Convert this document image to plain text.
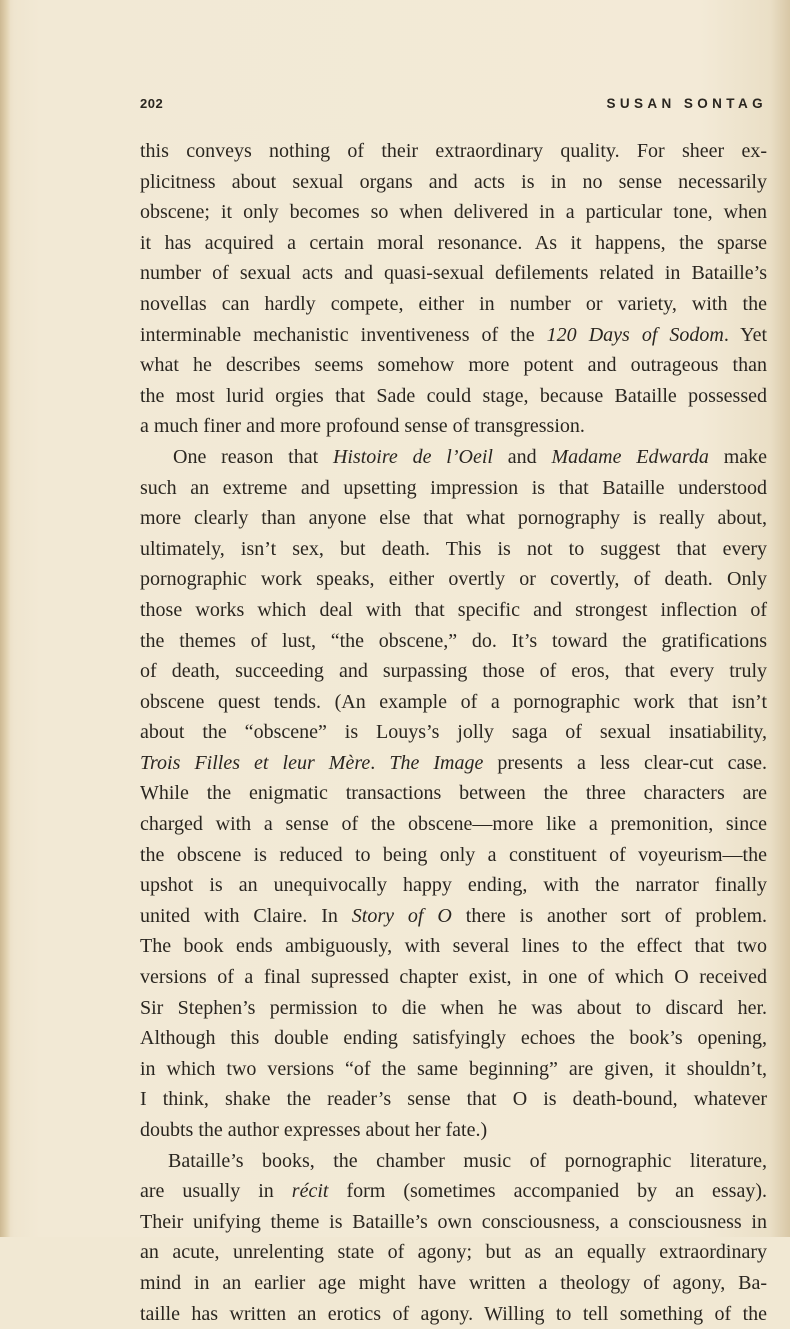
202	SUSAN SONTAG
this conveys nothing of their extraordinary quality. For sheer ex-
plicitness about sexual organs and acts is in no sense necessarily
obscene; it only becomes so when delivered in a particular tone, when
it has acquired a certain moral resonance. As it happens, the sparse
number of sexual acts and quasi-sexual defilements related in Bataille’s
novellas can hardly compete, either in number or variety, with the
interminable mechanistic inventiveness of the 120 Days of Sodom. Yet
what he describes seems somehow more potent and outrageous than
the most lurid orgies that Sade could stage, because Bataille possessed
a much finer and more profound sense of transgression.
One reason that Histoire de l’Oeil and Madame Edwarda make
such an extreme and upsetting impression is that Bataille understood
more clearly than anyone else that what pornography is really about,
ultimately, isn’t sex, but death. This is not to suggest that every
pornographic work speaks, either overtly or covertly, of death. Only
those works which deal with that specific and strongest inflection of
the themes of lust, “the obscene,” do. It’s toward the gratifications
of death, succeeding and surpassing those of eros, that every truly
obscene quest tends. (An example of a pornographic work that isn’t
about the “obscene” is Louys’s jolly saga of sexual insatiability,
Trois Filles et leur Mère. The Image presents a less clear-cut case.
While the enigmatic transactions between the three characters are
charged with a sense of the obscene—more like a premonition, since
the obscene is reduced to being only a constituent of voyeurism—the
upshot is an unequivocally happy ending, with the narrator finally
united with Claire. In Story of O there is another sort of problem.
The book ends ambiguously, with several lines to the effect that two
versions of a final supressed chapter exist, in one of which O received
Sir Stephen’s permission to die when he was about to discard her.
Although this double ending satisfyingly echoes the book’s opening,
in which two versions “of the same beginning” are given, it shouldn’t,
I think, shake the reader’s sense that O is death-bound, whatever
doubts the author expresses about her fate.)
Bataille’s books, the chamber music of pornographic literature,
are usually in récit form (sometimes accompanied by an essay).
Their unifying theme is Bataille’s own consciousness, a consciousness in
an acute, unrelenting state of agony; but as an equally extraordinary
mind in an earlier age might have written a theology of agony, Ba-
taille has written an erotics of agony. Willing to tell something of the
